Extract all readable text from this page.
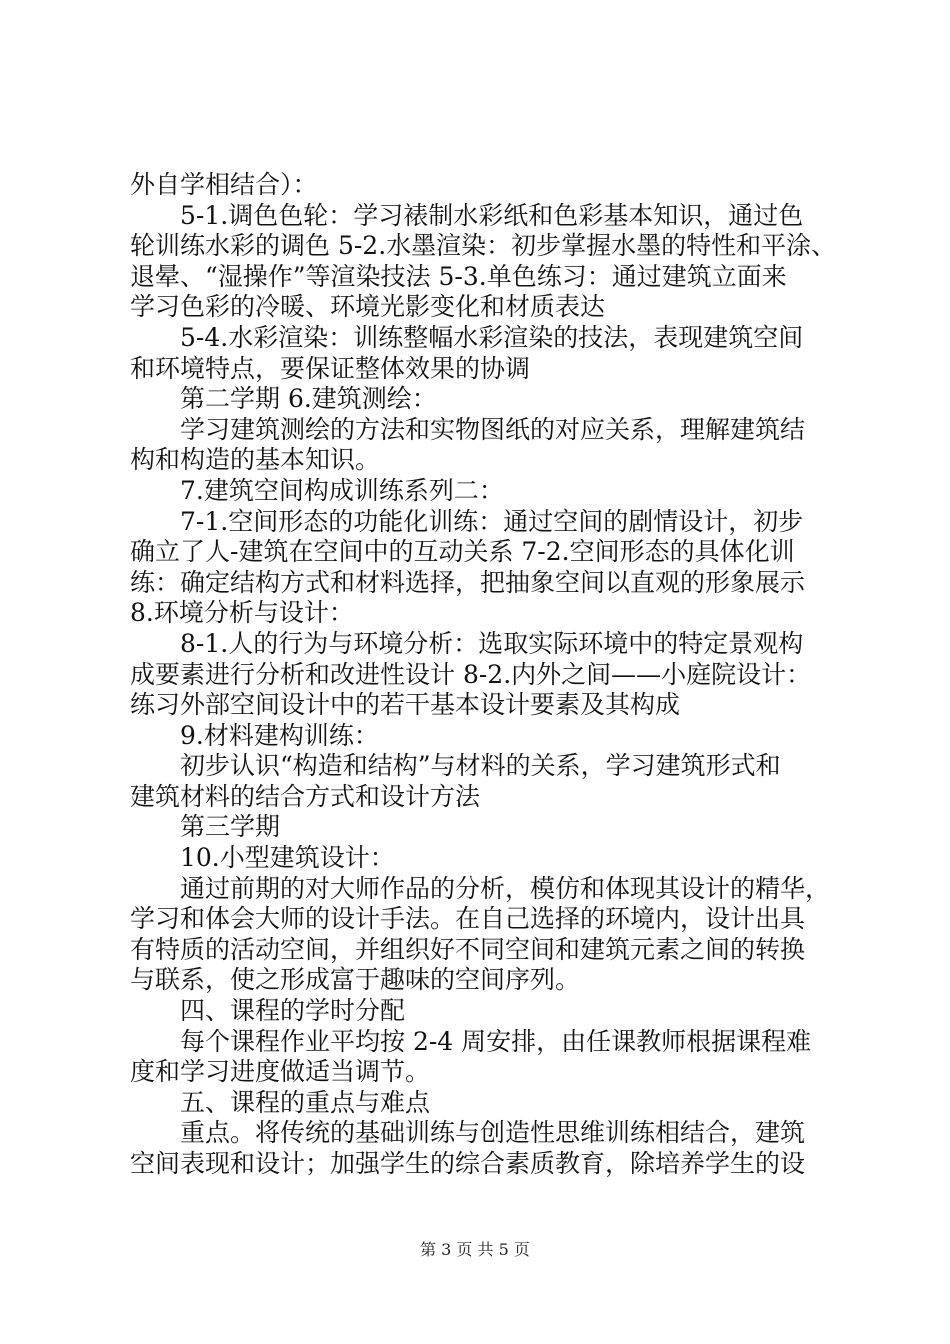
外自学相结合）：
5-1.调色色轮：学习裱制水彩纸和色彩基本知识，通过色
轮训练水彩的调色 5-2.水墨渲染：初步掌握水墨的特性和平涂、
退晕、“湿操作”等渲染技法 5-3.单色练习：通过建筑立面来
学习色彩的冷暖、环境光影变化和材质表达
5-4.水彩渲染：训练整幅水彩渲染的技法，表现建筑空间
和环境特点，要保证整体效果的协调
第二学期 6.建筑测绘：
学习建筑测绘的方法和实物图纸的对应关系，理解建筑结
构和构造的基本知识。
7.建筑空间构成训练系列二：
7-1.空间形态的功能化训练：通过空间的剧情设计，初步
确立了人-建筑在空间中的互动关系 7-2.空间形态的具体化训
练：确定结构方式和材料选择，把抽象空间以直观的形象展示
8.环境分析与设计：
8-1.人的行为与环境分析：选取实际环境中的特定景观构
成要素进行分析和改进性设计 8-2.内外之间——小庭院设计：
练习外部空间设计中的若干基本设计要素及其构成
9.材料建构训练：
初步认识“构造和结构”与材料的关系，学习建筑形式和
建筑材料的结合方式和设计方法
第三学期
10.小型建筑设计：
通过前期的对大师作品的分析，模仿和体现其设计的精华，
学习和体会大师的设计手法。在自己选择的环境内，设计出具
有特质的活动空间，并组织好不同空间和建筑元素之间的转换
与联系，使之形成富于趣味的空间序列。
四、课程的学时分配
每个课程作业平均按 2-4 周安排，由任课教师根据课程难
度和学习进度做适当调节。
五、课程的重点与难点
重点。将传统的基础训练与创造性思维训练相结合，建筑
空间表现和设计；加强学生的综合素质教育，除培养学生的设
第 3 页 共 5 页
